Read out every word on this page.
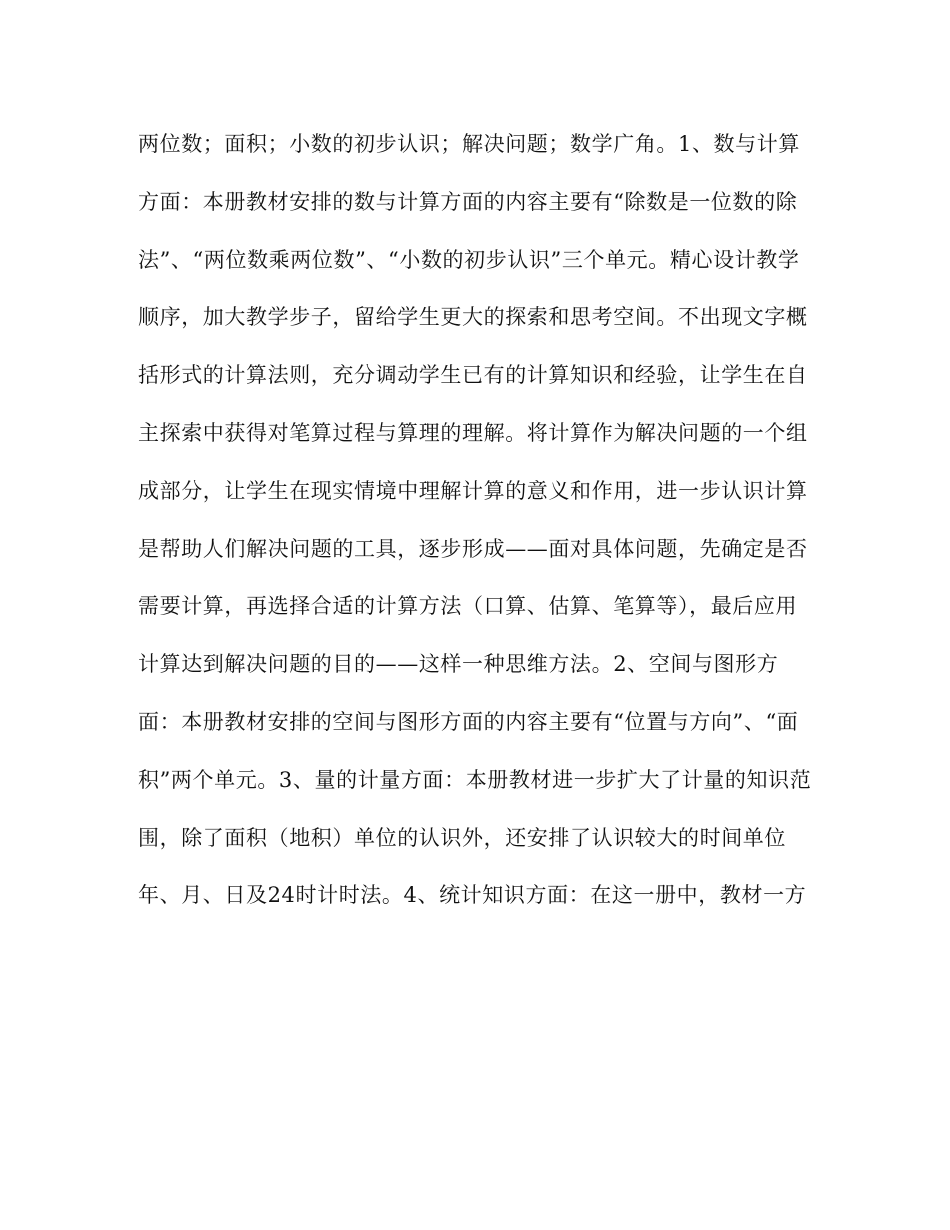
两位数；面积；小数的初步认识；解决问题；数学广角。1、数与计算
方面：本册教材安排的数与计算方面的内容主要有“除数是一位数的除
法”、“两位数乘两位数”、“小数的初步认识”三个单元。精心设计教学
顺序，加大教学步子，留给学生更大的探索和思考空间。不出现文字概
括形式的计算法则，充分调动学生已有的计算知识和经验，让学生在自
主探索中获得对笔算过程与算理的理解。将计算作为解决问题的一个组
成部分，让学生在现实情境中理解计算的意义和作用，进一步认识计算
是帮助人们解决问题的工具，逐步形成——面对具体问题，先确定是否
需要计算，再选择合适的计算方法（口算、估算、笔算等），最后应用
计算达到解决问题的目的——这样一种思维方法。2、空间与图形方
面：本册教材安排的空间与图形方面的内容主要有“位置与方向”、“面
积”两个单元。3、量的计量方面：本册教材进一步扩大了计量的知识范
围，除了面积（地积）单位的认识外，还安排了认识较大的时间单位
年、月、日及24时计时法。4、统计知识方面：在这一册中，教材一方
